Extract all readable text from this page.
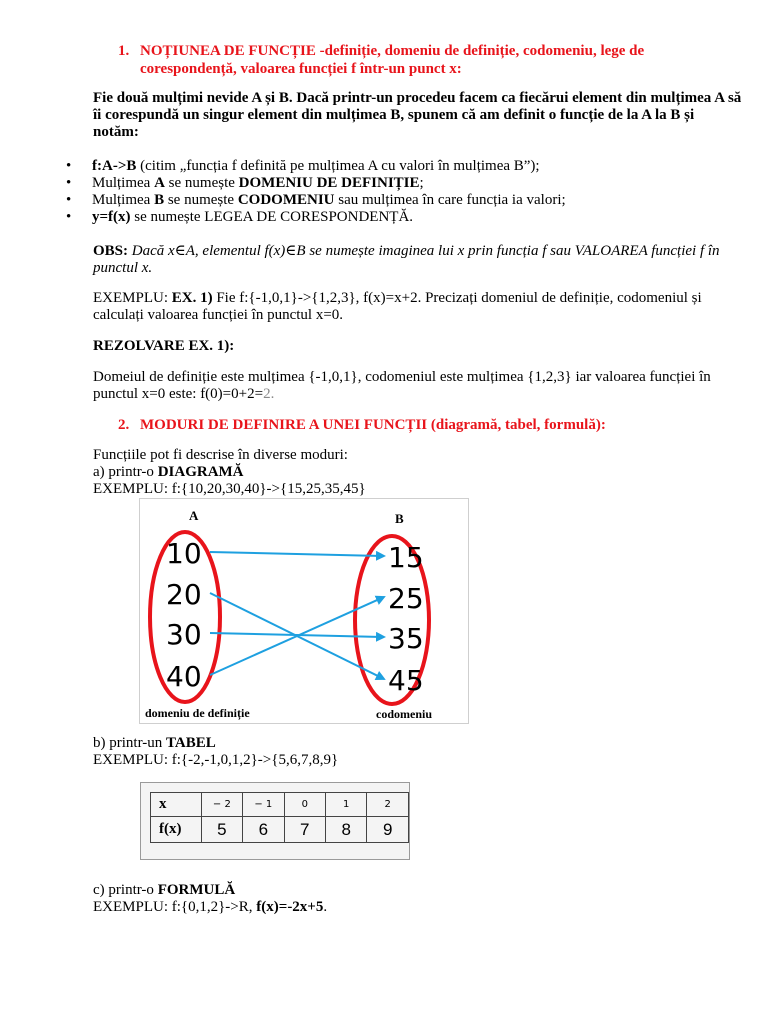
1. NOȚIUNEA DE FUNCȚIE -definiție, domeniu de definiție, codomeniu, lege de corespondență, valoarea funcției f într-un punct x:
Fie două mulțimi nevide A și B. Dacă printr-un procedeu facem ca fiecărui element din mulțimea A să îi corespundă un singur element din mulțimea B, spunem că am definit o funcție de la A la B și notăm:
• f:A->B (citim „funcția f definită pe mulțimea A cu valori în mulțimea B”);
• Mulțimea A se numește DOMENIU DE DEFINIȚIE;
• Mulțimea B se numește CODOMENIU sau mulțimea în care funcția ia valori;
• y=f(x) se numește LEGEA DE CORESPONDENȚĂ.
OBS: Dacă x∈A, elementul f(x)∈B se numește imaginea lui x prin funcția f sau VALOAREA funcției f în punctul x.
EXEMPLU: EX. 1) Fie f:{-1,0,1}->{1,2,3}, f(x)=x+2. Precizați domeniul de definiție, codomeniul și calculați valoarea funcției în punctul x=0.
REZOLVARE EX. 1):
Domeiul de definiție este mulțimea {-1,0,1}, codomeniul este mulțimea {1,2,3} iar valoarea funcției în punctul x=0 este: f(0)=0+2=2.
2. MODURI DE DEFINIRE A UNEI FUNCȚII (diagramă, tabel, formulă):
Funcțiile pot fi descrise în diverse moduri:
a) printr-o DIAGRAMĂ
EXEMPLU: f:{10,20,30,40}->{15,25,35,45}
A	B
10
20
30
40
15
25
35
45
domeniu de definiție	codomeniu
b) printr-un TABEL
EXEMPLU: f:{-2,-1,0,1,2}->{5,6,7,8,9}
x	− 2	− 1	0	1	2
f(x)	5	6	7	8	9
c) printr-o FORMULĂ
EXEMPLU: f:{0,1,2}->R, f(x)=-2x+5.
